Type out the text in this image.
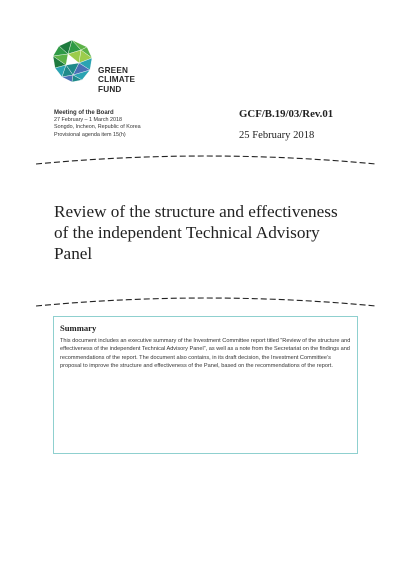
GREEN
CLIMATE
FUND
Meeting of the Board
27 February – 1 March 2018
Songdo, Incheon, Republic of Korea
Provisional agenda item 15(h)
GCF/B.19/03/Rev.01
25 February 2018
Review of the structure and effectiveness
of the independent Technical Advisory
Panel
Summary
This document includes an executive summary of the Investment Committee report titled “Review of the structure and effectiveness of the independent Technical Advisory Panel”, as well as a note from the Secretariat on the findings and recommendations of the report. The document also contains, in its draft decision, the Investment Committee’s proposal to improve the structure and effectiveness of the Panel, based on the recommendations of the report.
